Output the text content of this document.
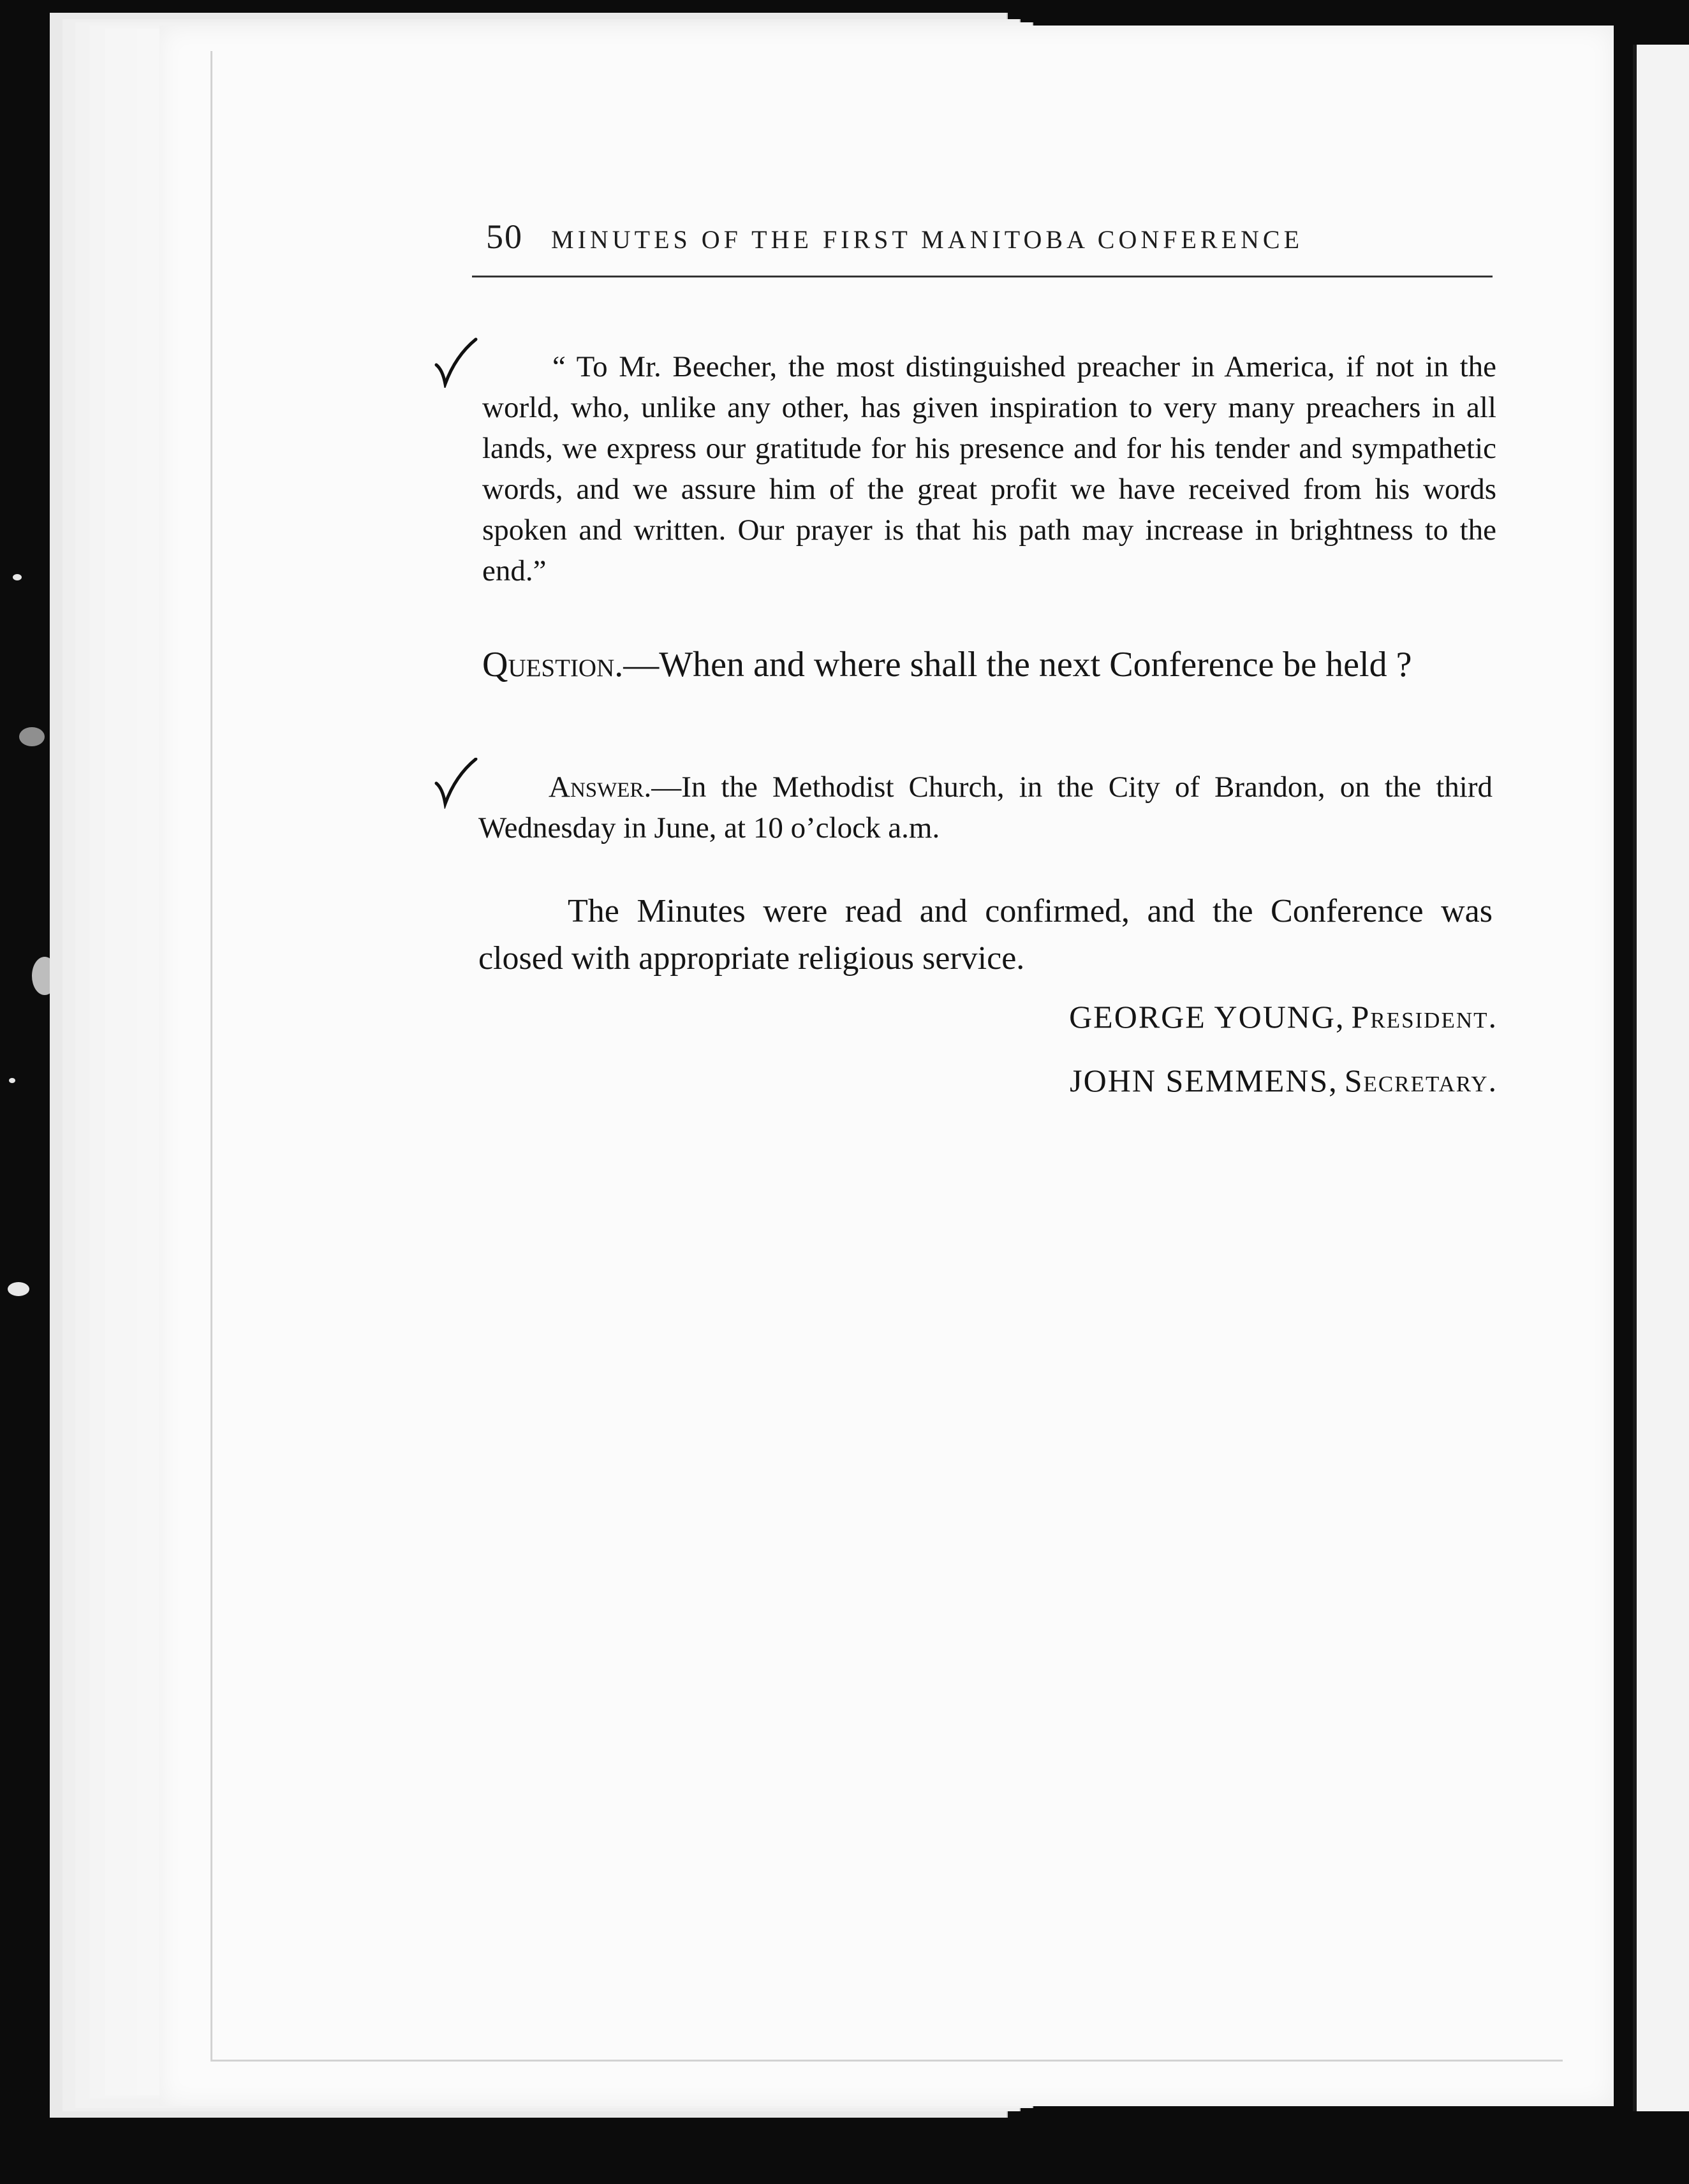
50 MINUTES OF THE FIRST MANITOBA CONFERENCE

“ To Mr. Beecher, the most distinguished preacher in America, if not in the world, who, unlike any other, has given inspiration to very many preachers in all lands, we express our gratitude for his presence and for his tender and sympathetic words, and we assure him of the great profit we have received from his words spoken and written. Our prayer is that his path may increase in brightness to the end.”

Question.—When and where shall the next Conference be held ?

Answer.—In the Methodist Church, in the City of Brandon, on the third Wednesday in June, at 10 o’clock a.m.

The Minutes were read and confirmed, and the Conference was closed with appropriate religious service.

GEORGE YOUNG, President.
JOHN SEMMENS, Secretary.
